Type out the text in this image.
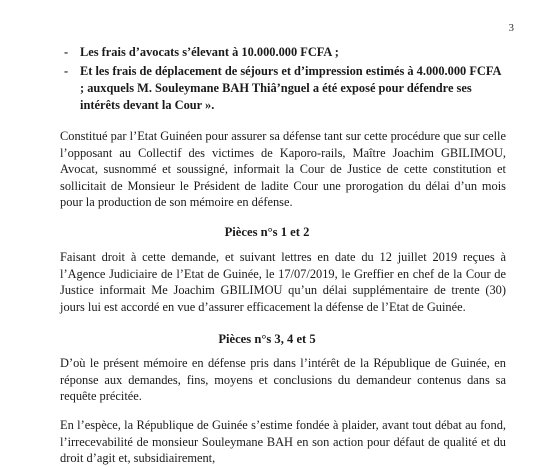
3
- Les frais d’avocats s’élevant à 10.000.000 FCFA ;
- Et les frais de déplacement de séjours et d’impression estimés à 4.000.000 FCFA ; auxquels M. Souleymane BAH Thiâ’nguel a été exposé pour défendre ses intérêts devant la Cour ».
Constitué par l’Etat Guinéen pour assurer sa défense tant sur cette procédure que sur celle l’opposant au Collectif des victimes de Kaporo-rails, Maître Joachim GBILIMOU, Avocat, susnommé et soussigné, informait la Cour de Justice de cette constitution et sollicitait de Monsieur le Président de ladite Cour une prorogation du délai d’un mois pour la production de son mémoire en défense.
Pièces n°s 1 et 2
Faisant droit à cette demande, et suivant lettres en date du 12 juillet 2019 reçues à l’Agence Judiciaire de l’Etat de Guinée, le 17/07/2019, le Greffier en chef de la Cour de Justice informait Me Joachim GBILIMOU qu’un délai supplémentaire de trente (30) jours lui est accordé en vue d’assurer efficacement la défense de l’Etat de Guinée.
Pièces n°s 3, 4 et 5
D’où le présent mémoire en défense pris dans l’intérêt de la République de Guinée, en réponse aux demandes, fins, moyens et conclusions du demandeur contenus dans sa requête précitée.
En l’espèce, la République de Guinée s’estime fondée à plaider, avant tout débat au fond, l’irrecevabilité de monsieur Souleymane BAH en son action pour défaut de qualité et du droit d’agit et, subsidiairement,
